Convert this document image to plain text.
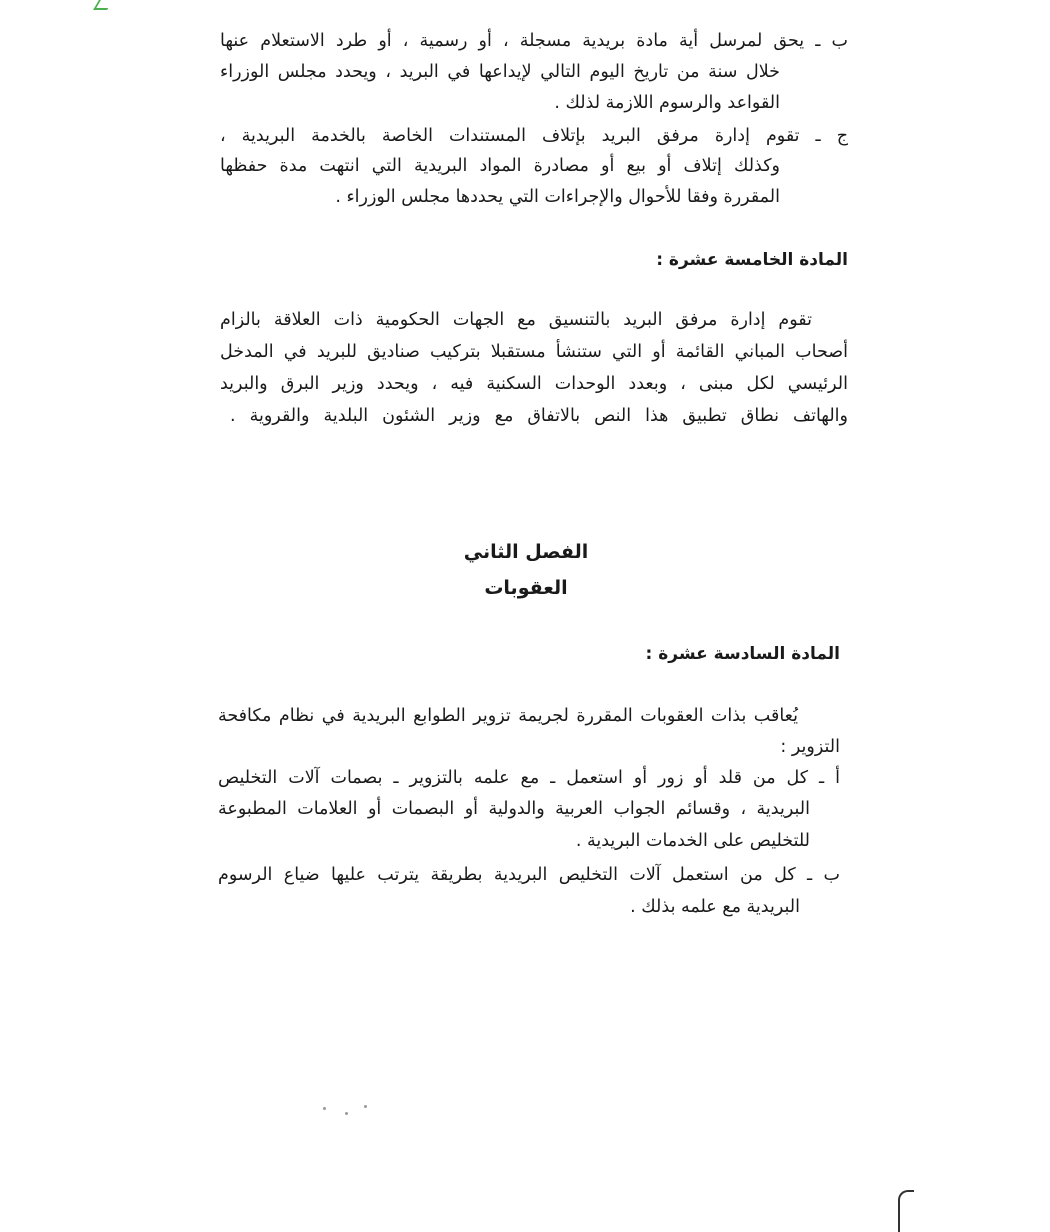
ب ـ يحق لمرسل أية مادة بريدية مسجلة ، أو رسمية ، أو طرد الاستعلام عنها
خلال سنة من تاريخ اليوم التالي لإيداعها في البريد ، ويحدد مجلس الوزراء
القواعد والرسوم اللازمة لذلك .
ج ـ تقوم إدارة مرفق البريد بإتلاف المستندات الخاصة بالخدمة البريدية ،
وكذلك إتلاف أو بيع أو مصادرة المواد البريدية التي انتهت مدة حفظها
المقررة وفقا للأحوال والإجراءات التي يحددها مجلس الوزراء .
المادة الخامسة عشرة :
تقوم إدارة مرفق البريد بالتنسيق مع الجهات الحكومية ذات العلاقة بالزام
أصحاب المباني القائمة أو التي ستنشأ مستقبلا بتركيب صناديق للبريد في المدخل
الرئيسي لكل مبنى ، وبعدد الوحدات السكنية فيه ، ويحدد وزير البرق والبريد
والهاتف نطاق تطبيق هذا النص بالاتفاق مع وزير الشئون البلدية والقروية .
الفصل الثاني
العقوبات
المادة السادسة عشرة :
يُعاقب بذات العقوبات المقررة لجريمة تزوير الطوابع البريدية في نظام مكافحة
التزوير :
أ ـ كل من قلد أو زور أو استعمل ـ مع علمه بالتزوير ـ بصمات آلات التخليص
البريدية ، وقسائم الجواب العربية والدولية أو البصمات أو العلامات المطبوعة
للتخليص على الخدمات البريدية .
ب ـ كل من استعمل آلات التخليص البريدية بطريقة يترتب عليها ضياع الرسوم
البريدية مع علمه بذلك .
